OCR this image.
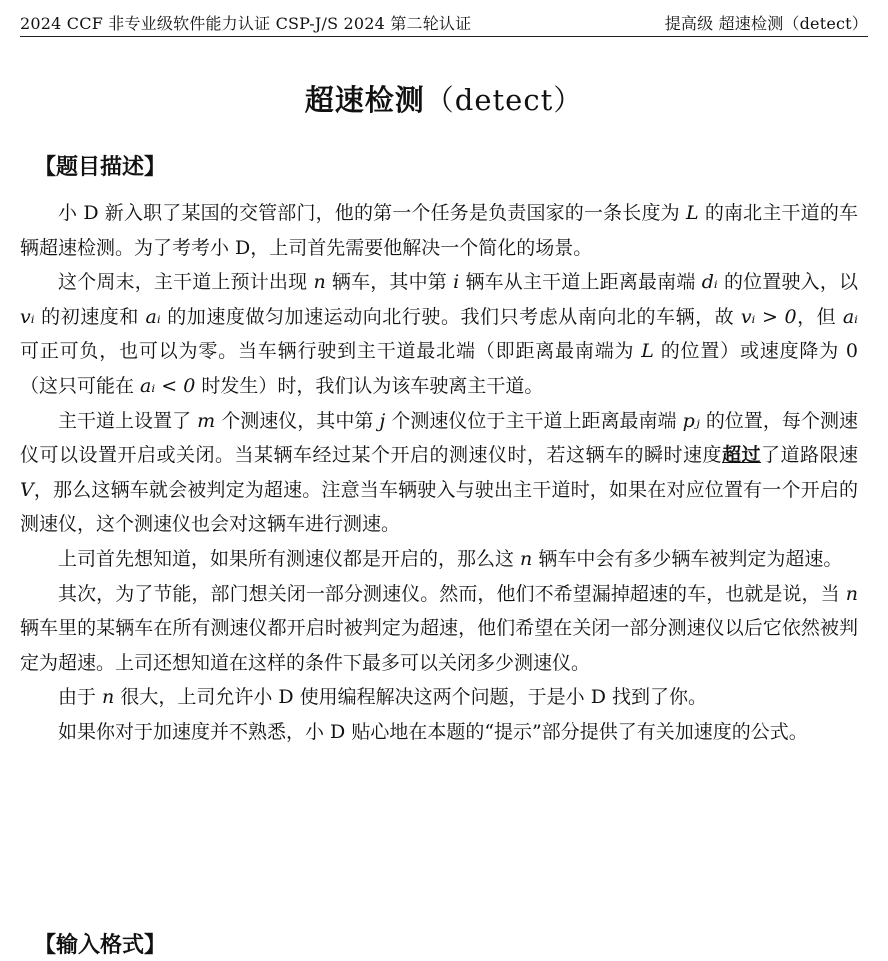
2024 CCF 非专业级软件能力认证 CSP-J/S 2024 第二轮认证	提高级 超速检测（detect）
超速检测（detect）
【题目描述】

小 D 新入职了某国的交管部门，他的第一个任务是负责国家的一条长度为 L 的南北主干道的车辆超速检测。为了考考小 D，上司首先需要他解决一个简化的场景。

这个周末，主干道上预计出现 n 辆车，其中第 i 辆车从主干道上距离最南端 dᵢ 的位置驶入，以 vᵢ 的初速度和 aᵢ 的加速度做匀加速运动向北行驶。我们只考虑从南向北的车辆，故 vᵢ > 0，但 aᵢ 可正可负，也可以为零。当车辆行驶到主干道最北端（即距离最南端为 L 的位置）或速度降为 0（这只可能在 aᵢ < 0 时发生）时，我们认为该车驶离主干道。

主干道上设置了 m 个测速仪，其中第 j 个测速仪位于主干道上距离最南端 pⱼ 的位置，每个测速仪可以设置开启或关闭。当某辆车经过某个开启的测速仪时，若这辆车的瞬时速度超过了道路限速 V，那么这辆车就会被判定为超速。注意当车辆驶入与驶出主干道时，如果在对应位置有一个开启的测速仪，这个测速仪也会对这辆车进行测速。

上司首先想知道，如果所有测速仪都是开启的，那么这 n 辆车中会有多少辆车被判定为超速。

其次，为了节能，部门想关闭一部分测速仪。然而，他们不希望漏掉超速的车，也就是说，当 n 辆车里的某辆车在所有测速仪都开启时被判定为超速，他们希望在关闭一部分测速仪以后它依然被判定为超速。上司还想知道在这样的条件下最多可以关闭多少测速仪。

由于 n 很大，上司允许小 D 使用编程解决这两个问题，于是小 D 找到了你。

如果你对于加速度并不熟悉，小 D 贴心地在本题的“提示”部分提供了有关加速度的公式。

【输入格式】
